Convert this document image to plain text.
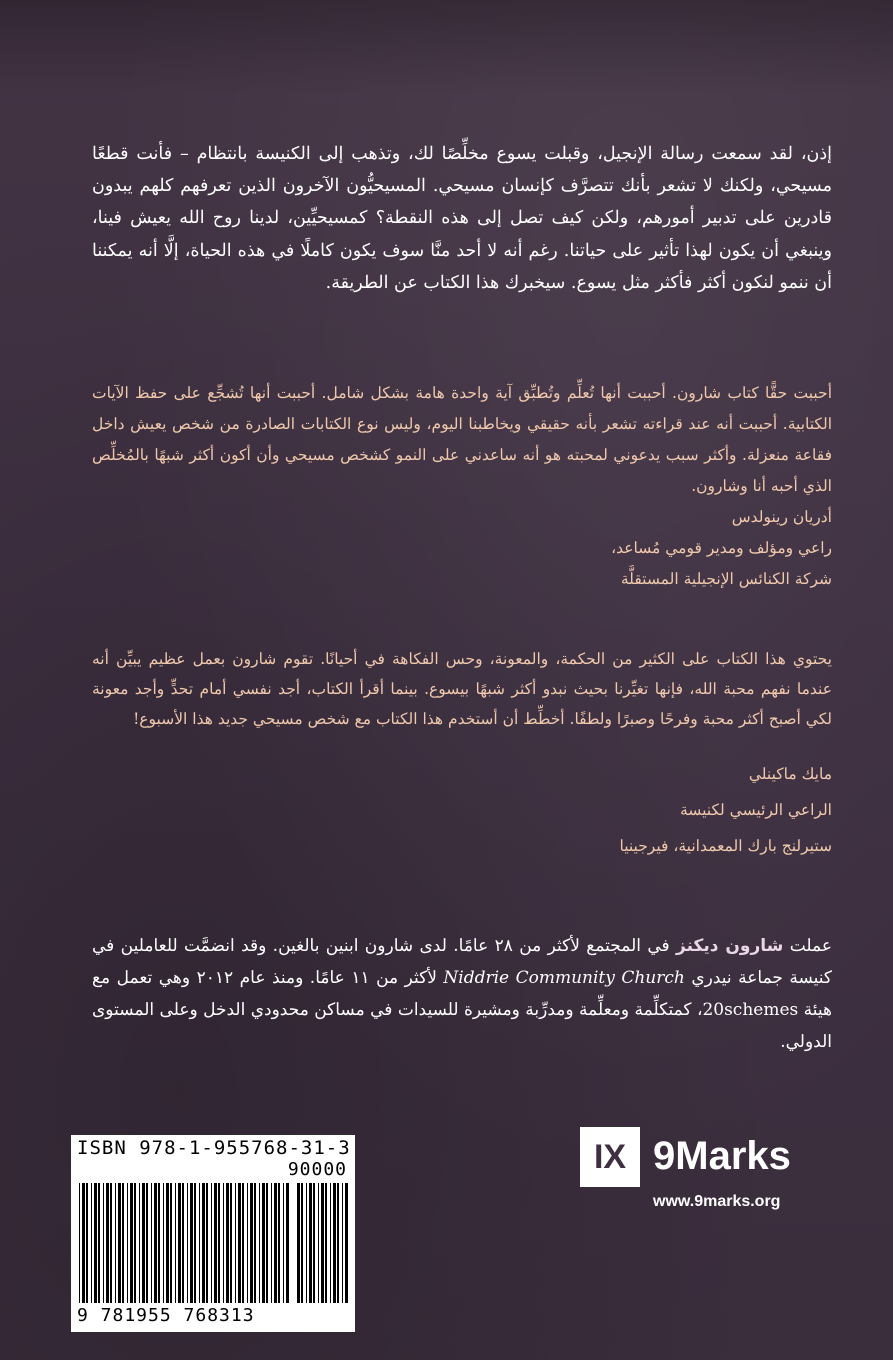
إذن، لقد سمعت رسالة الإنجيل، وقبلت يسوع مخلِّصًا لك، وتذهب إلى الكنيسة بانتظام – فأنت قطعًا مسيحي، ولكنك لا تشعر بأنك تتصرَّف كإنسان مسيحي. المسيحيُّون الآخرون الذين تعرفهم كلهم يبدون قادرين على تدبير أمورهم، ولكن كيف تصل إلى هذه النقطة؟ كمسيحيِّين، لدينا روح الله يعيش فينا، وينبغي أن يكون لهذا تأثير على حياتنا. رغم أنه لا أحد منَّا سوف يكون كاملًا في هذه الحياة، إلَّا أنه يمكننا أن ننمو لنكون أكثر فأكثر مثل يسوع. سيخبرك هذا الكتاب عن الطريقة.

أحببت حقًّا كتاب شارون. أحببت أنها تُعلِّم وتُطبِّق آية واحدة هامة بشكل شامل. أحببت أنها تُشجِّع على حفظ الآيات الكتابية. أحببت أنه عند قراءته تشعر بأنه حقيقي ويخاطبنا اليوم، وليس نوع الكتابات الصادرة من شخص يعيش داخل فقاعة منعزلة. وأكثر سبب يدعوني لمحبته هو أنه ساعدني على النمو كشخص مسيحي وأن أكون أكثر شبهًا بالمُخلِّص الذي أحبه أنا وشارون.

أدريان رينولدس

راعي ومؤلف ومدير قومي مُساعد،

شركة الكنائس الإنجيلية المستقلَّة

يحتوي هذا الكتاب على الكثير من الحكمة، والمعونة، وحس الفكاهة في أحيانًا. تقوم شارون بعمل عظيم يبيِّن أنه عندما نفهم محبة الله، فإنها تغيِّرنا بحيث نبدو أكثر شبهًا بيسوع. بينما أقرأ الكتاب، أجد نفسي أمام تحدٍّ وأجد معونة لكي أصبح أكثر محبة وفرحًا وصبرًا ولطفًا. أخطِّط أن أستخدم هذا الكتاب مع شخص مسيحي جديد هذا الأسبوع!

مايك ماكينلي

الراعي الرئيسي لكنيسة

ستيرلنج بارك المعمدانية، فيرجينيا

عملت شارون ديكنز في المجتمع لأكثر من ٢٨ عامًا. لدى شارون ابنين بالغين. وقد انضمَّت للعاملين في كنيسة جماعة نيدري Niddrie Community Church لأكثر من ١١ عامًا. ومنذ عام ٢٠١٢ وهي تعمل مع هيئة 20schemes، كمتكلِّمة ومعلِّمة ومدرِّبة ومشيرة للسيدات في مساكن محدودي الدخل وعلى المستوى الدولي.

ISBN 978-1-955768-31-3
90000
9 781955 768313
IX 9Marks
www.9marks.org
